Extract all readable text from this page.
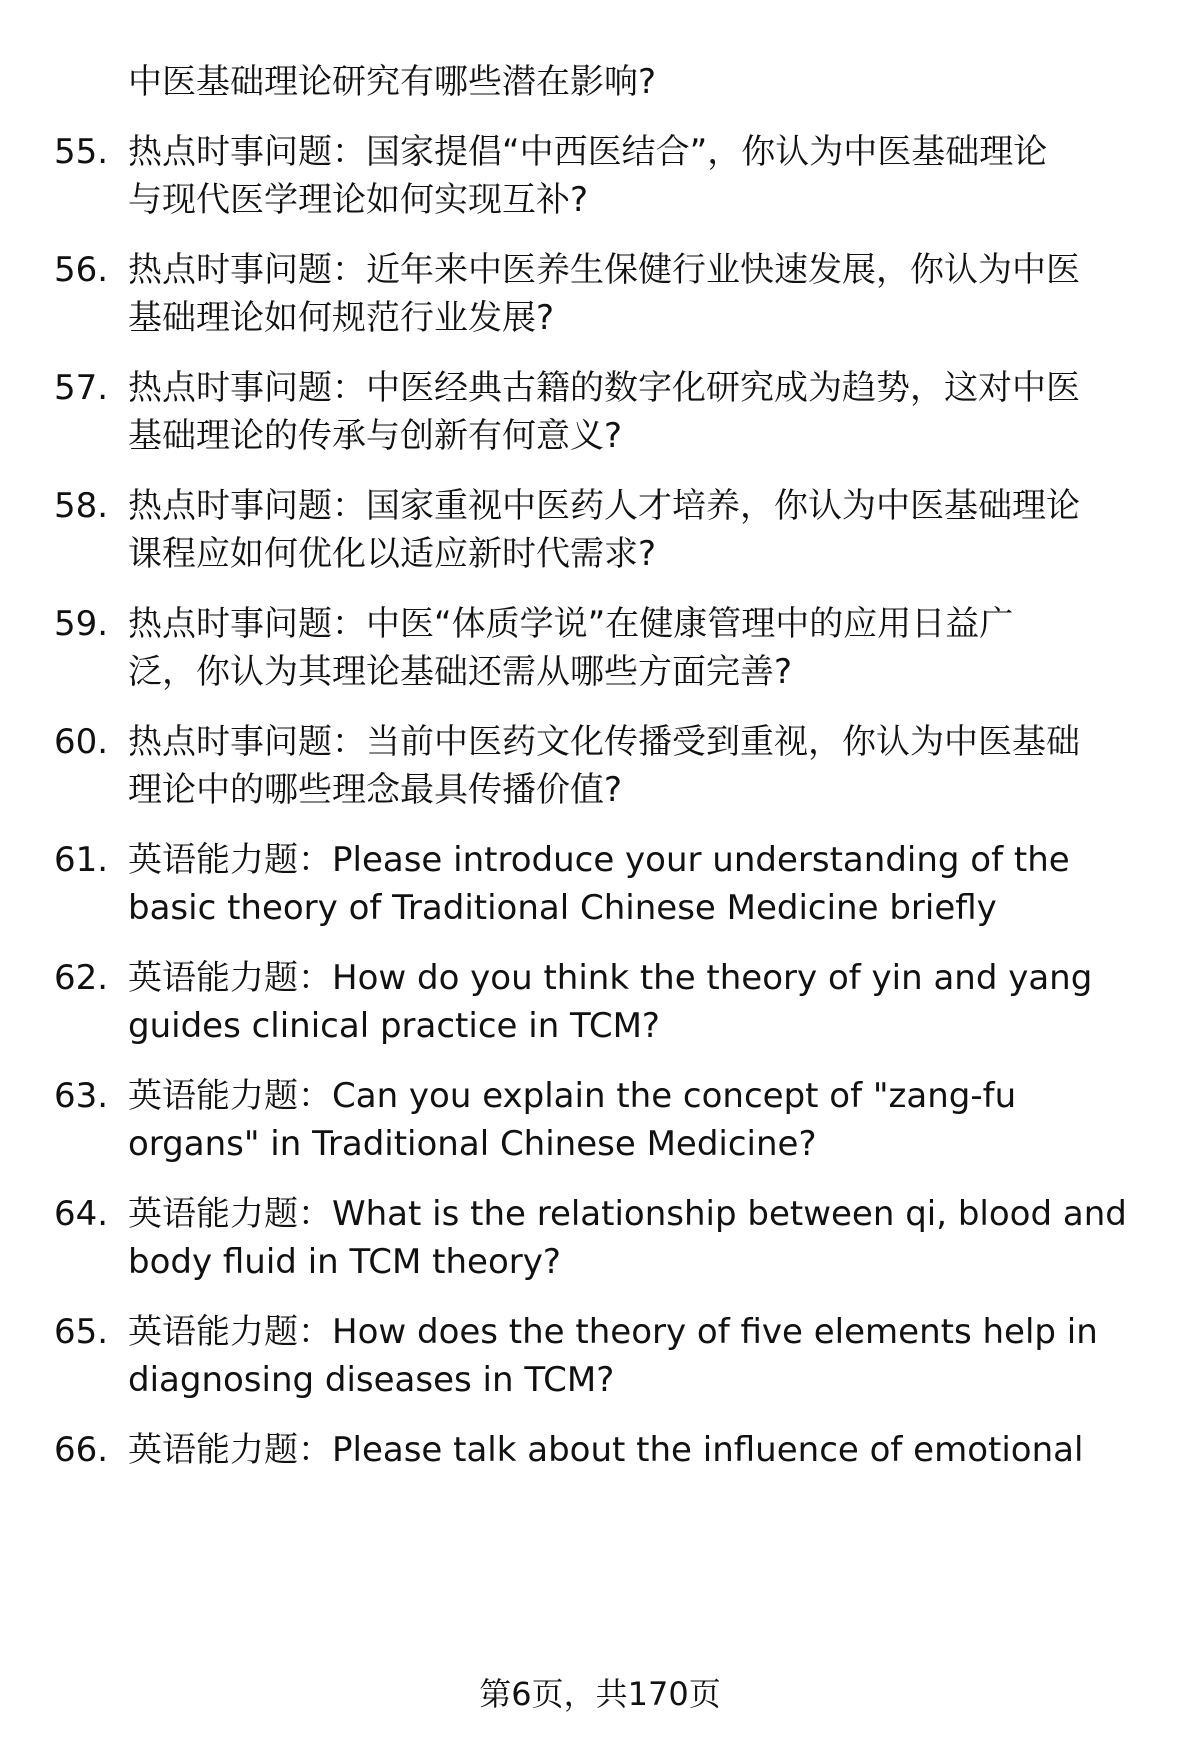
中医基础理论研究有哪些潜在影响?
55. 热点时事问题：国家提倡“中西医结合”，你认为中医基础理论
与现代医学理论如何实现互补?
56. 热点时事问题：近年来中医养生保健行业快速发展，你认为中医
基础理论如何规范行业发展?
57. 热点时事问题：中医经典古籍的数字化研究成为趋势，这对中医
基础理论的传承与创新有何意义?
58. 热点时事问题：国家重视中医药人才培养，你认为中医基础理论
课程应如何优化以适应新时代需求?
59. 热点时事问题：中医“体质学说”在健康管理中的应用日益广
泛，你认为其理论基础还需从哪些方面完善?
60. 热点时事问题：当前中医药文化传播受到重视，你认为中医基础
理论中的哪些理念最具传播价值?
61. 英语能力题：Please introduce your understanding of the
basic theory of Traditional Chinese Medicine briefly
62. 英语能力题：How do you think the theory of yin and yang
guides clinical practice in TCM?
63. 英语能力题：Can you explain the concept of "zang-fu
organs" in Traditional Chinese Medicine?
64. 英语能力题：What is the relationship between qi, blood and
body fluid in TCM theory?
65. 英语能力题：How does the theory of five elements help in
diagnosing diseases in TCM?
66. 英语能力题：Please talk about the influence of emotional
第6页，共170页
